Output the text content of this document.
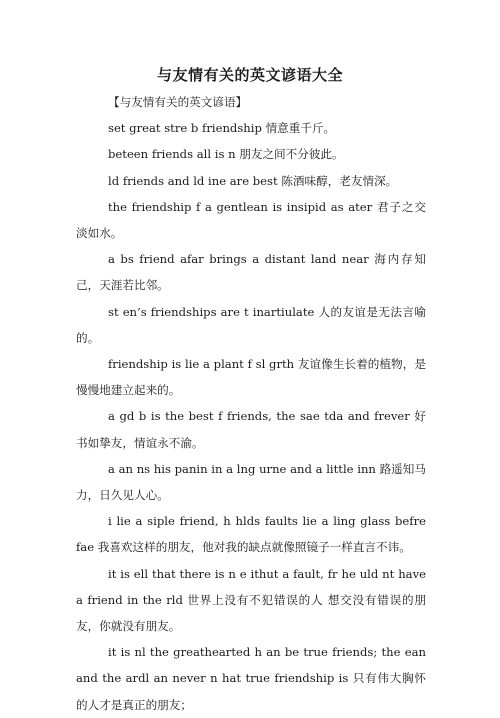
与友情有关的英文谚语大全

【与友情有关的英文谚语】

set great stre b friendship 情意重千斤。

beteen friends all is n 朋友之间不分彼此。

ld friends and ld ine are best 陈酒味醇，老友情深。

the friendship f a gentlean is insipid as ater 君子之交淡如水。

a bs friend afar brings a distant land near 海内存知己，天涯若比邻。

st en’s friendships are t inartiulate 人的友谊是无法言喻的。

friendship is lie a plant f sl grth 友谊像生长着的植物，是慢慢地建立起来的。

a gd b is the best f friends, the sae tda and frever 好书如挚友，情谊永不渝。

a an ns his panin in a lng urne and a little inn 路遥知马力，日久见人心。

i lie a siple friend, h hlds faults lie a ling glass befre fae 我喜欢这样的朋友，他对我的缺点就像照镜子一样直言不讳。

it is ell that there is n e ithut a fault, fr he uld nt have a friend in the rld 世界上没有不犯错误的人 想交没有错误的朋友，你就没有朋友。

it is nl the greathearted h an be true friends; the ean and the ardl an never n hat true friendship is 只有伟大胸怀的人才是真正的朋友；
